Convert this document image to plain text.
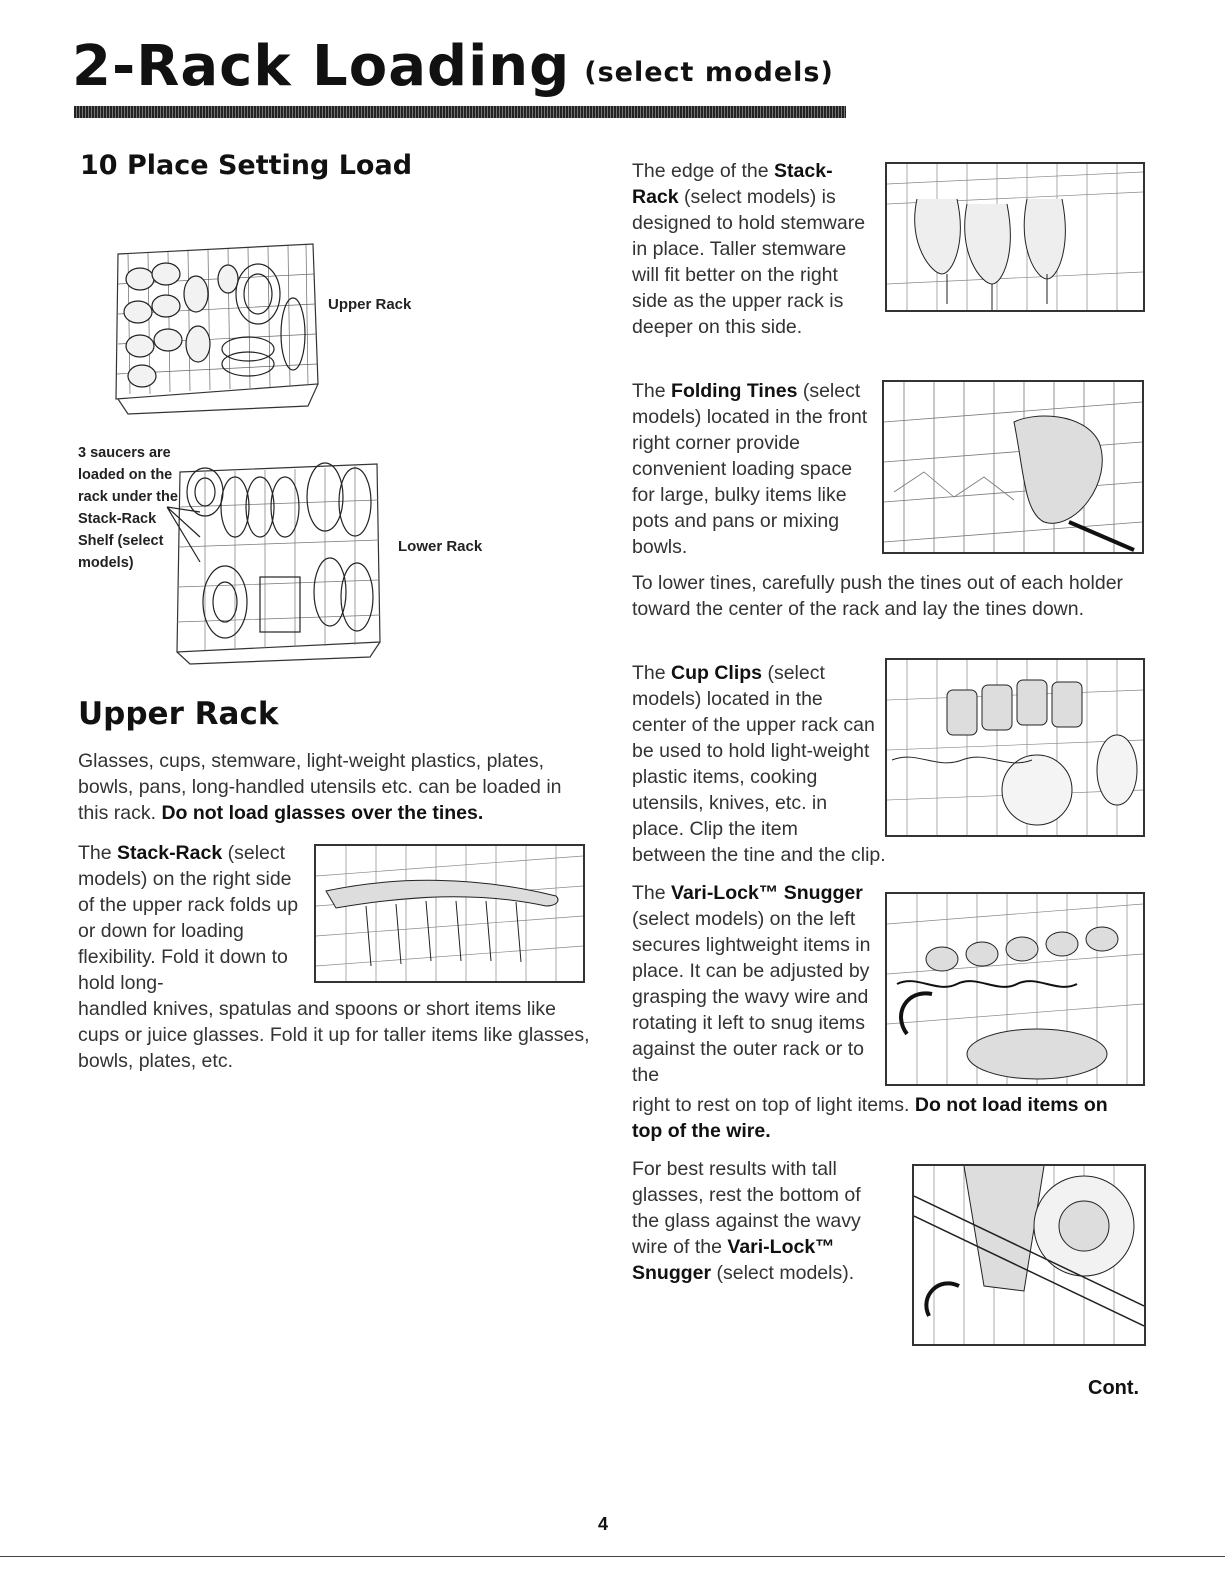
2-Rack Loading (select models)
10 Place Setting Load
Upper Rack
Lower Rack
3 saucers are loaded on the rack under the Stack-Rack Shelf (select models)
Upper Rack
Glasses, cups, stemware, light-weight plastics, plates, bowls, pans, long-handled utensils etc. can be loaded in this rack. Do not load glasses over the tines.
The Stack-Rack (select models) on the right side of the upper rack folds up or down for loading flexibility. Fold it down to hold long-
handled knives, spatulas and spoons or short items like cups or juice glasses. Fold it up for taller items like glasses, bowls, plates, etc.
The edge of the Stack-Rack (select models) is designed to hold stemware in place. Taller stemware will fit better on the right side as the upper rack is deeper on this side.
The Folding Tines (select models) located in the front right corner provide convenient loading space for large, bulky items like pots and pans or mixing bowls.
To lower tines, carefully push the tines out of each holder toward the center of the rack and lay the tines down.
The Cup Clips (select models) located in the center of the upper rack can be used to hold light-weight plastic items, cooking utensils, knives, etc. in place. Clip the item
between the tine and the clip.
The Vari-Lock™ Snugger (select models) on the left secures lightweight items in place. It can be adjusted by grasping the wavy wire and rotating it left to snug items against the outer rack or to the
right to rest on top of light items. Do not load items on top of the wire.
For best results with tall glasses, rest the bottom of the glass against the wavy wire of the Vari-Lock™ Snugger (select models).
Cont.
4
